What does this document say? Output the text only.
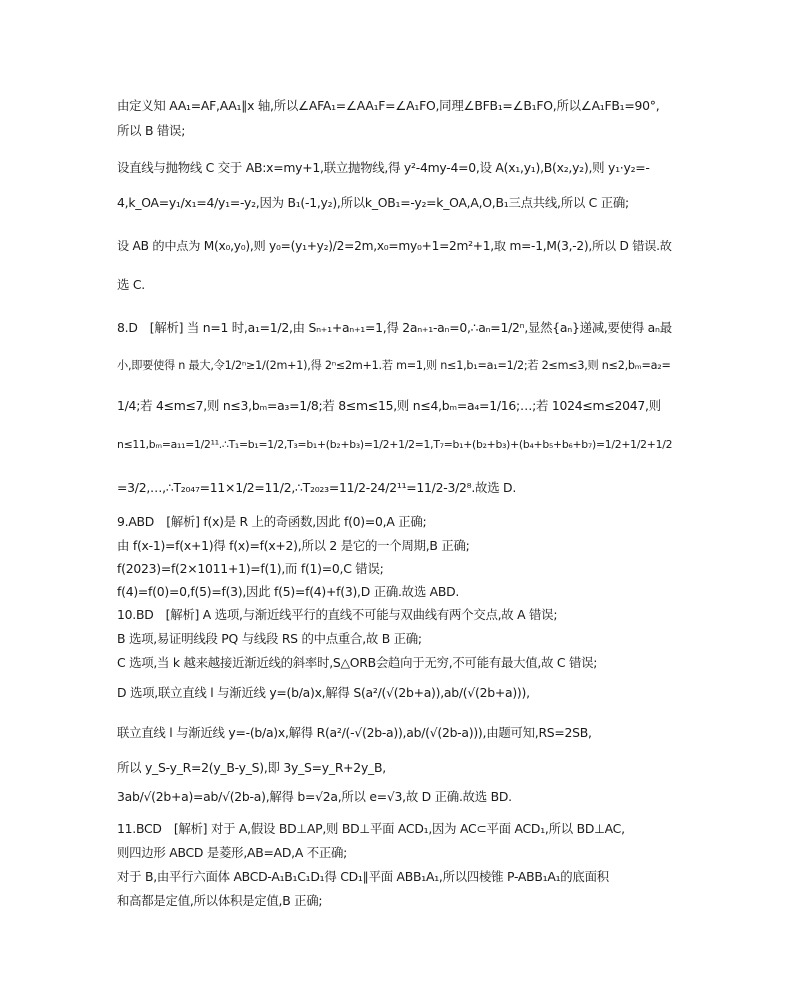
由定义知 AA₁=AF,AA₁∥x 轴,所以∠AFA₁=∠AA₁F=∠A₁FO,同理∠BFB₁=∠B₁FO,所以∠A₁FB₁=90°,
所以 B 错误;
设直线与抛物线 C 交于 AB:x=my+1,联立抛物线,得 y²-4my-4=0,设 A(x₁,y₁),B(x₂,y₂),则 y₁·y₂=-
4,k_OA=y₁/x₁=4/y₁=-y₂,因为 B₁(-1,y₂),所以k_OB₁=-y₂=k_OA,A,O,B₁三点共线,所以 C 正确;
设 AB 的中点为 M(x₀,y₀),则 y₀=(y₁+y₂)/2=2m,x₀=my₀+1=2m²+1,取 m=-1,M(3,-2),所以 D 错误.故
选 C.
8.D　[解析] 当 n=1 时,a₁=1/2,由 Sₙ₊₁+aₙ₊₁=1,得 2aₙ₊₁-aₙ=0,∴aₙ=1/2ⁿ,显然{aₙ}递减,要使得 aₙ最
小,即要使得 n 最大,令1/2ⁿ≥1/(2m+1),得 2ⁿ≤2m+1.若 m=1,则 n≤1,b₁=a₁=1/2;若 2≤m≤3,则 n≤2,bₘ=a₂=
1/4;若 4≤m≤7,则 n≤3,bₘ=a₃=1/8;若 8≤m≤15,则 n≤4,bₘ=a₄=1/16;…;若 1024≤m≤2047,则
n≤11,bₘ=a₁₁=1/2¹¹.∴T₁=b₁=1/2,T₃=b₁+(b₂+b₃)=1/2+1/2=1,T₇=b₁+(b₂+b₃)+(b₄+b₅+b₆+b₇)=1/2+1/2+1/2
=3/2,…,∴T₂₀₄₇=11×1/2=11/2,∴T₂₀₂₃=11/2-24/2¹¹=11/2-3/2⁸.故选 D.
9.ABD　[解析] f(x)是 R 上的奇函数,因此 f(0)=0,A 正确;
由 f(x-1)=f(x+1)得 f(x)=f(x+2),所以 2 是它的一个周期,B 正确;
f(2023)=f(2×1011+1)=f(1),而 f(1)=0,C 错误;
f(4)=f(0)=0,f(5)=f(3),因此 f(5)=f(4)+f(3),D 正确.故选 ABD.
10.BD　[解析] A 选项,与渐近线平行的直线不可能与双曲线有两个交点,故 A 错误;
B 选项,易证明线段 PQ 与线段 RS 的中点重合,故 B 正确;
C 选项,当 k 越来越接近渐近线的斜率时,S△ORB会趋向于无穷,不可能有最大值,故 C 错误;
D 选项,联立直线 l 与渐近线 y=(b/a)x,解得 S(a²/(√(2b+a)),ab/(√(2b+a))),
联立直线 l 与渐近线 y=-(b/a)x,解得 R(a²/(-√(2b-a)),ab/(√(2b-a))),由题可知,RS=2SB,
所以 y_S-y_R=2(y_B-y_S),即 3y_S=y_R+2y_B,
3ab/√(2b+a)=ab/√(2b-a),解得 b=√2a,所以 e=√3,故 D 正确.故选 BD.
11.BCD　[解析] 对于 A,假设 BD⊥AP,则 BD⊥平面 ACD₁,因为 AC⊂平面 ACD₁,所以 BD⊥AC,
则四边形 ABCD 是菱形,AB=AD,A 不正确;
对于 B,由平行六面体 ABCD-A₁B₁C₁D₁得 CD₁∥平面 ABB₁A₁,所以四棱锥 P-ABB₁A₁的底面积
和高都是定值,所以体积是定值,B 正确;
